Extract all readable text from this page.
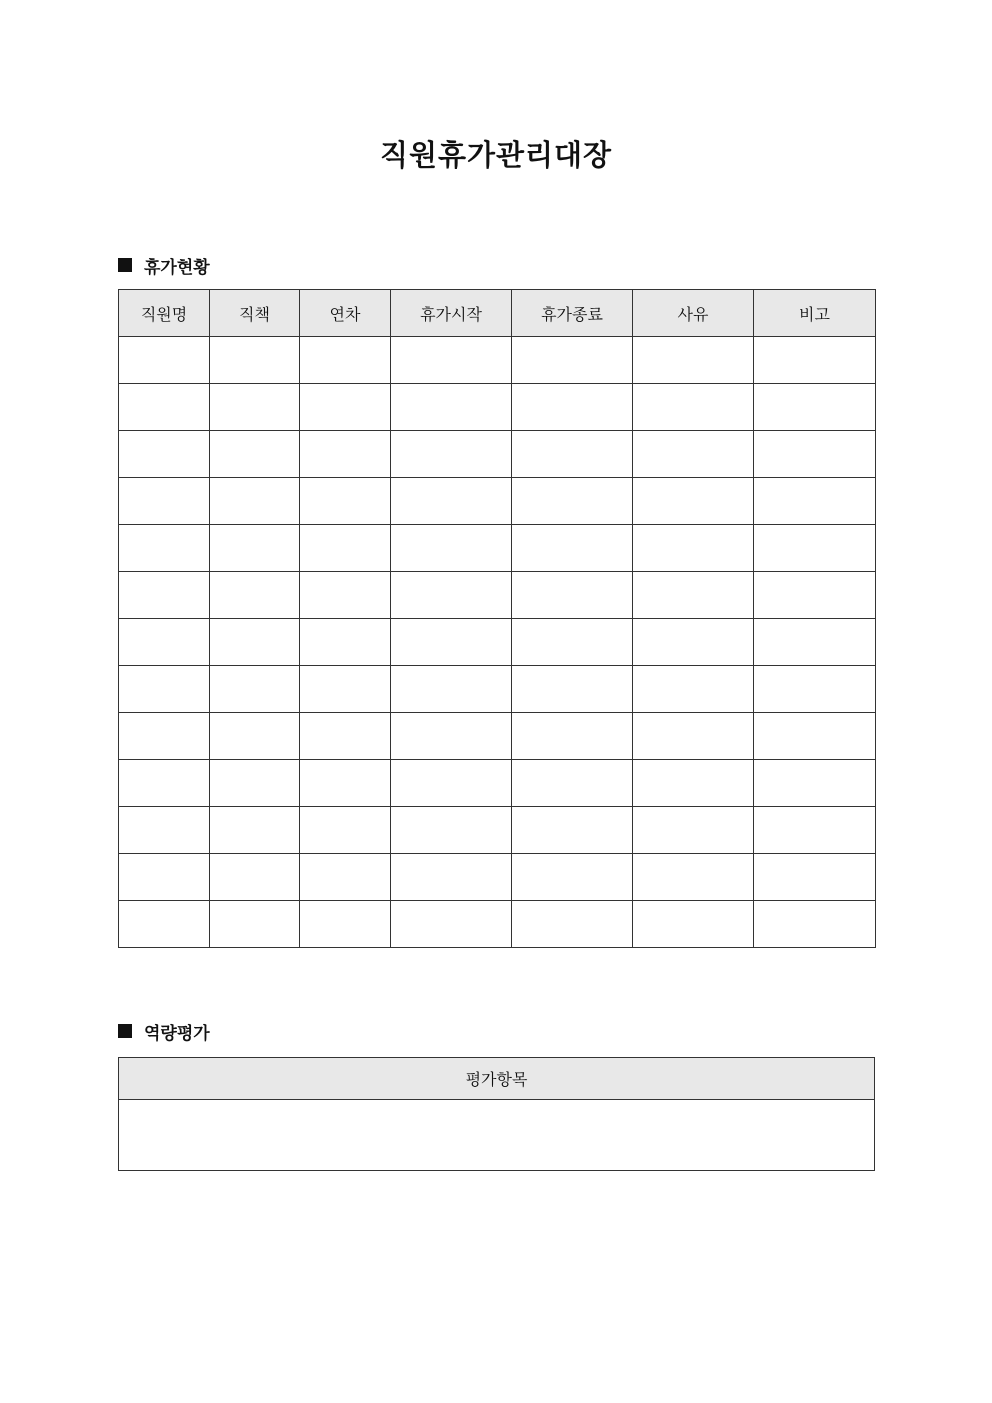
직원휴가관리대장
휴가현황
직원명	직책	연차	휴가시작	휴가종료	사유	비고

역량평가
평가항목
